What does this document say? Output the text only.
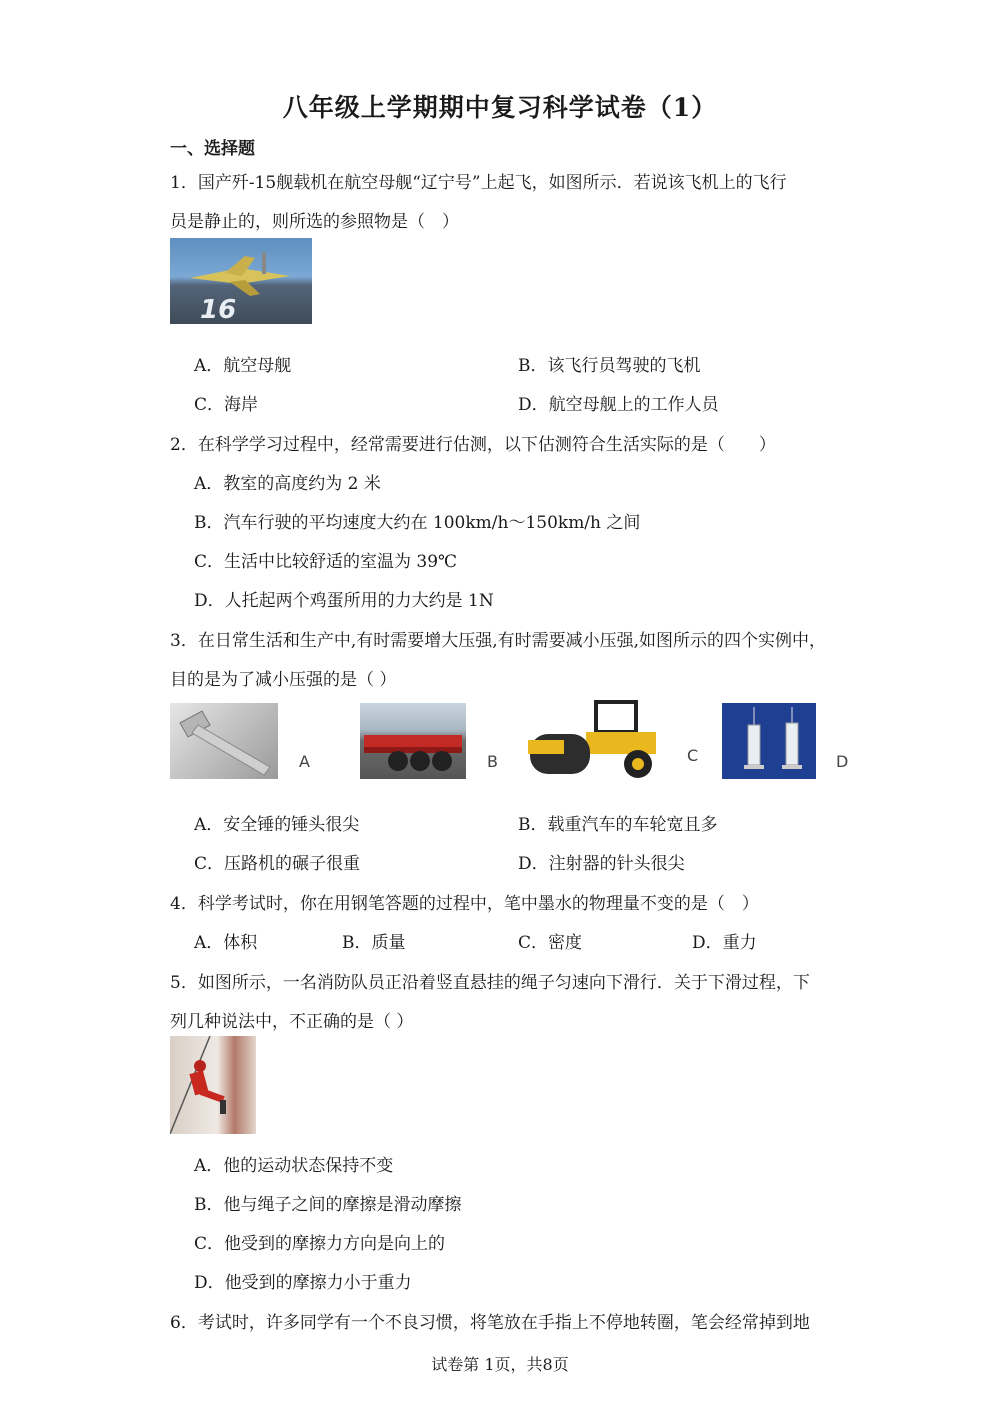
八年级上学期期中复习科学试卷（1）
一、选择题
1．国产歼-15舰载机在航空母舰“辽宁号”上起飞，如图所示．若说该飞机上的飞行
员是静止的，则所选的参照物是（　）
16
A．航空母舰	B．该飞行员驾驶的飞机
C．海岸	D．航空母舰上的工作人员
2．在科学学习过程中，经常需要进行估测，以下估测符合生活实际的是（　　）
A．教室的高度约为 2 米
B．汽车行驶的平均速度大约在 100km/h～150km/h 之间
C．生活中比较舒适的室温为 39℃
D．人托起两个鸡蛋所用的力大约是 1N
3．在日常生活和生产中,有时需要增大压强,有时需要减小压强,如图所示的四个实例中，
目的是为了减小压强的是（ ）
A	B	C	D
A．安全锤的锤头很尖	B．载重汽车的车轮宽且多
C．压路机的碾子很重	D．注射器的针头很尖
4．科学考试时，你在用钢笔答题的过程中，笔中墨水的物理量不变的是（　）
A．体积	B．质量	C．密度	D．重力
5．如图所示，一名消防队员正沿着竖直悬挂的绳子匀速向下滑行．关于下滑过程，下
列几种说法中，不正确的是（ ）
A．他的运动状态保持不变
B．他与绳子之间的摩擦是滑动摩擦
C．他受到的摩擦力方向是向上的
D．他受到的摩擦力小于重力
6．考试时，许多同学有一个不良习惯，将笔放在手指上不停地转圈，笔会经常掉到地
试卷第 1页，共8页
